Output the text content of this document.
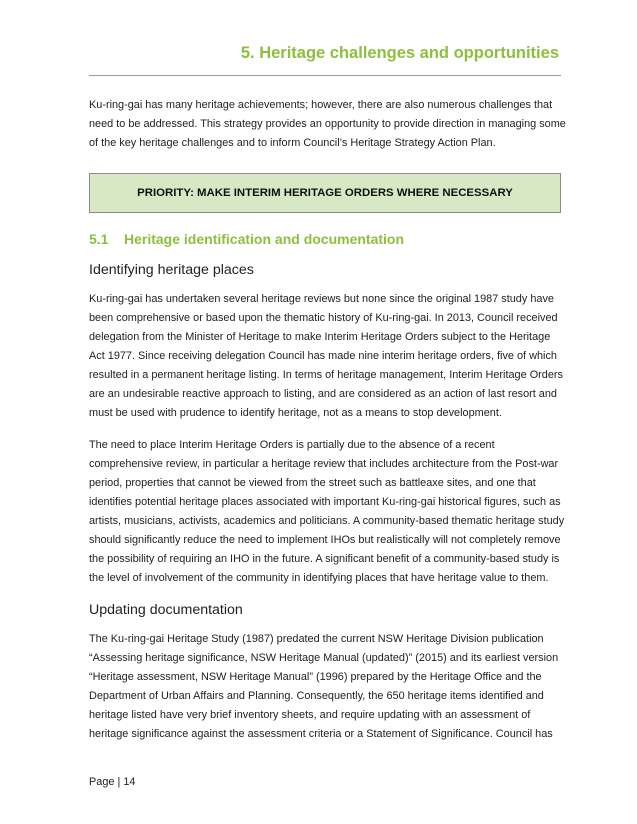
5. Heritage challenges and opportunities

Ku-ring-gai has many heritage achievements; however, there are also numerous challenges that
need to be addressed. This strategy provides an opportunity to provide direction in managing some
of the key heritage challenges and to inform Council’s Heritage Strategy Action Plan.

PRIORITY: MAKE INTERIM HERITAGE ORDERS WHERE NECESSARY
5.1 Heritage identification and documentation
Identifying heritage places

Ku-ring-gai has undertaken several heritage reviews but none since the original 1987 study have
been comprehensive or based upon the thematic history of Ku-ring-gai. In 2013, Council received
delegation from the Minister of Heritage to make Interim Heritage Orders subject to the Heritage
Act 1977. Since receiving delegation Council has made nine interim heritage orders, five of which
resulted in a permanent heritage listing. In terms of heritage management, Interim Heritage Orders
are an undesirable reactive approach to listing, and are considered as an action of last resort and
must be used with prudence to identify heritage, not as a means to stop development.

The need to place Interim Heritage Orders is partially due to the absence of a recent
comprehensive review, in particular a heritage review that includes architecture from the Post-war
period, properties that cannot be viewed from the street such as battleaxe sites, and one that
identifies potential heritage places associated with important Ku-ring-gai historical figures, such as
artists, musicians, activists, academics and politicians. A community-based thematic heritage study
should significantly reduce the need to implement IHOs but realistically will not completely remove
the possibility of requiring an IHO in the future. A significant benefit of a community-based study is
the level of involvement of the community in identifying places that have heritage value to them.

Updating documentation

The Ku-ring-gai Heritage Study (1987) predated the current NSW Heritage Division publication
“Assessing heritage significance, NSW Heritage Manual (updated)” (2015) and its earliest version
“Heritage assessment, NSW Heritage Manual” (1996) prepared by the Heritage Office and the
Department of Urban Affairs and Planning. Consequently, the 650 heritage items identified and
heritage listed have very brief inventory sheets, and require updating with an assessment of
heritage significance against the assessment criteria or a Statement of Significance. Council has

Page | 14
